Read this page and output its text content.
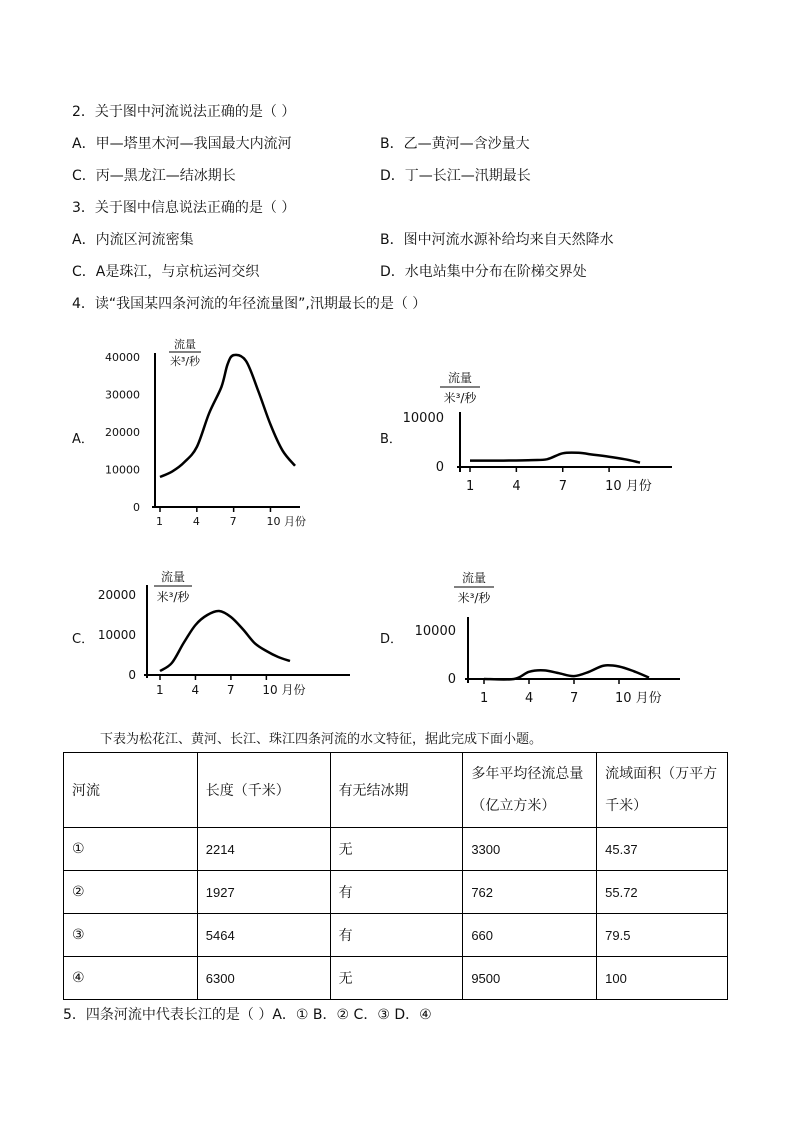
2．关于图中河流说法正确的是（ ）
A．甲—塔里木河—我国最大内流河	B．乙—黄河—含沙量大
C．丙—黑龙江—结冰期长	D．丁—长江—汛期最长
3．关于图中信息说法正确的是（ ）
A．内流区河流密集	B．图中河流水源补给均来自天然降水
C．A是珠江，与京杭运河交织	D．水电站集中分布在阶梯交界处
4．读“我国某四条河流的年径流量图”,汛期最长的是（ ）
A．	B．
C．	D．
流量
米³/秒
40000
30000
20000
10000
0
1	4	7	10 月份
流量
米³/秒
10000
0
1	4	7	10 月份
流量
米³/秒
20000
10000
0
1 4 7 10 月份
流量
米³/秒
10000
0
1	4	7	10 月份
下表为松花江、黄河、长江、珠江四条河流的水文特征，据此完成下面小题。
河流	长度（千米）	有无结冰期	多年平均径流总量（亿立方米）	流域面积（万平方千米）
①	2214	无	3300	45.37
②	1927	有	762	55.72
③	5464	有	660	79.5
④	6300	无	9500	100
5．四条河流中代表长江的是（ ）A．① B．② C．③ D．④
